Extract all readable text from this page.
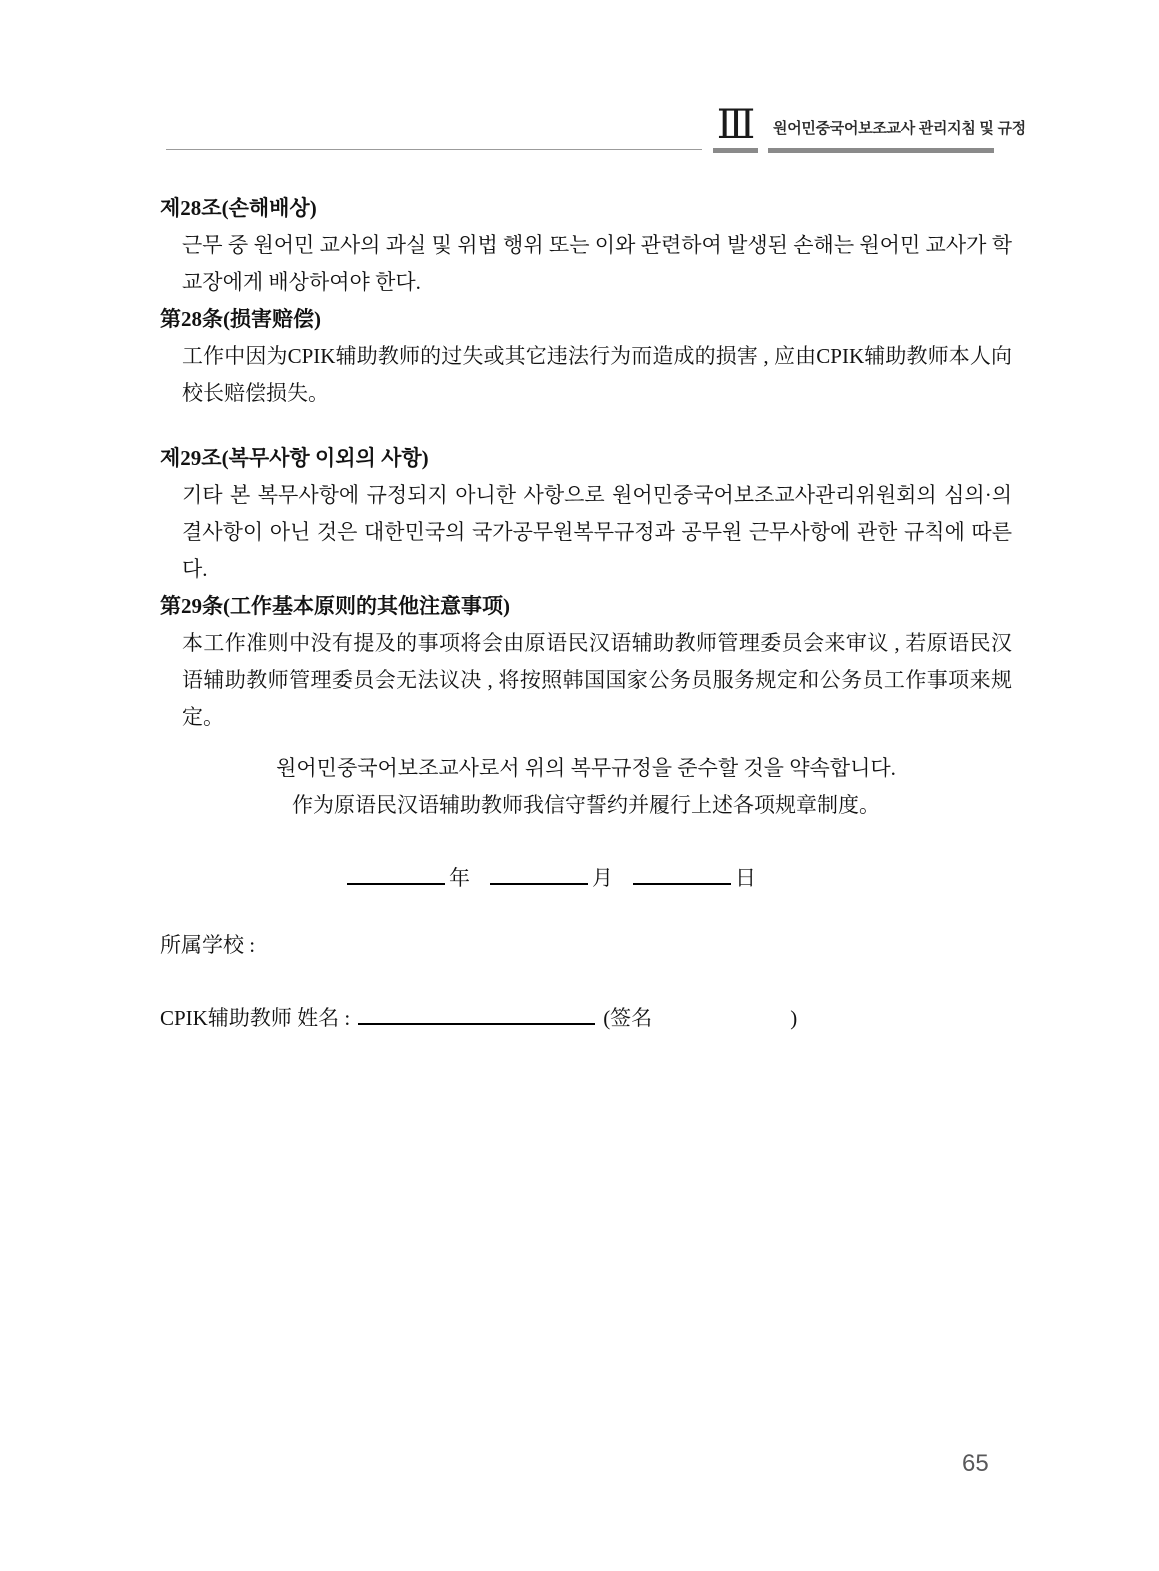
Ⅲ	원어민중국어보조교사 관리지침 및 규정
제28조(손해배상)

근무 중 원어민 교사의 과실 및 위법 행위 또는 이와 관련하여 발생된 손해는 원어민 교사가 학교장에게 배상하여야 한다.

第28条(损害赔偿)

工作中因为CPIK辅助教师的过失或其它违法行为而造成的损害 , 应由CPIK辅助教师本人向校长赔偿损失。

제29조(복무사항 이외의 사항)

기타 본 복무사항에 규정되지 아니한 사항으로 원어민중국어보조교사관리위원회의 심의·의결사항이 아닌 것은 대한민국의 국가공무원복무규정과 공무원 근무사항에 관한 규칙에 따른다.

第29条(工作基本原则的其他注意事项)

本工作准则中没有提及的事项将会由原语民汉语辅助教师管理委员会来审议 , 若原语民汉语辅助教师管理委员会无法议决 , 将按照韩国国家公务员服务规定和公务员工作事项来规定。

원어민중국어보조교사로서 위의 복무규정을 준수할 것을 약속합니다.
作为原语民汉语辅助教师我信守誓约并履行上述各项规章制度。
年	月	日
所属学校 :
CPIK辅助教师 姓名 :	(签名	)
65
